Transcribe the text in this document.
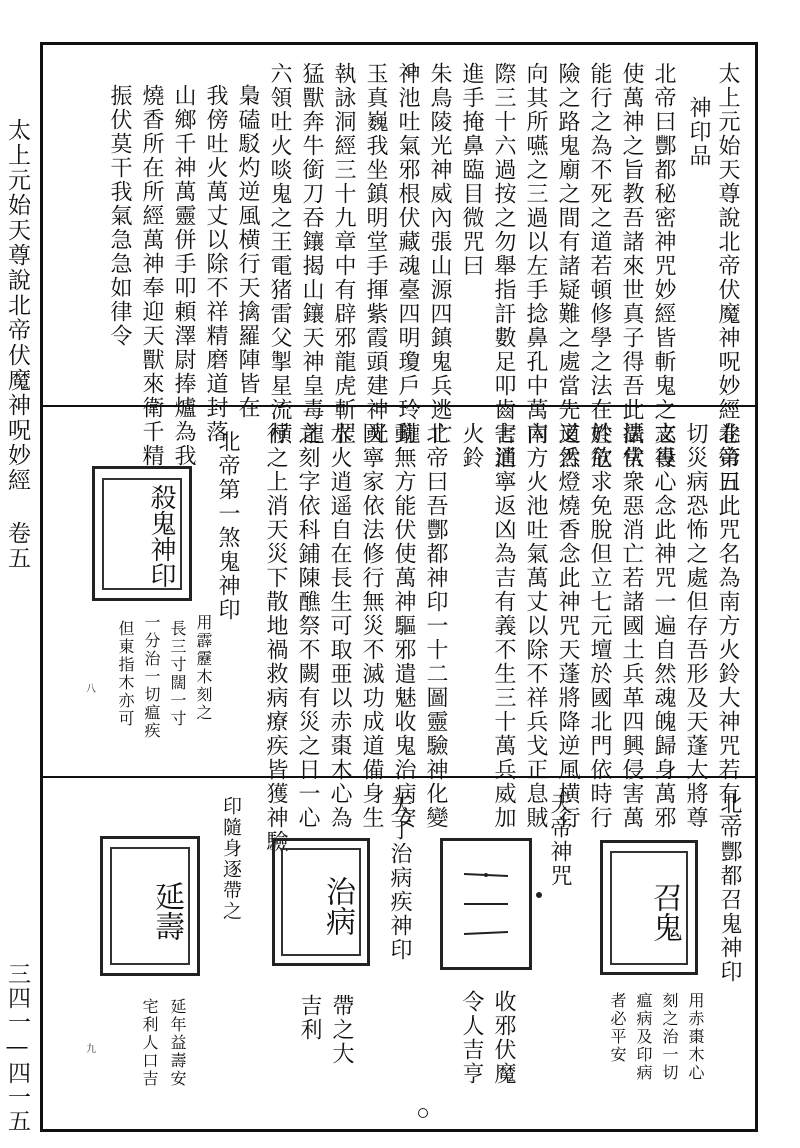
太上元始天尊說北帝伏魔神呪妙經 卷五
三四一—四一五
太上元始天尊說北帝伏魔神呪妙經卷第五
神印品
北帝曰酆都秘密神咒妙經皆斬鬼之文役
使萬神之旨教吾諸來世真子得吾此法常
能行之為不死之道若頓修學之法在於危
險之路鬼廟之間有諸疑難之處當先叉舌
向其所嚥之三過以左手捻鼻孔中萬內
際三十六過按之勿舉指訐數足叩齒七通
進手掩鼻臨目微咒曰
朱鳥陵光神威內張山源四鎮鬼兵逃亡
神池吐氣邪根伏藏魂臺四明瓊戶玲瓏
玉真巍我坐鎮明堂手揮紫霞頭建神光
執詠洞經三十九章中有辟邪龍虎斬罡
猛獸奔牛銜刀吞鑲揭山鑲天神皇毒龍
六領吐火啖鬼之王電猪雷父掣星流横
梟磕駁灼逆風横行天擒羅陣皆在
我傍吐火萬丈以除不祥精磨道封落
山鄉千神萬靈併手叩頼澤尉捧爐為我
燒香所在所經萬神奉迎天獸來衛千精
振伏莫干我氣急急如律令
北帝曰此咒名為南方火鈴大神咒若有一
切災病恐怖之處但存吾形及天蓬大將尊
志專心念此神咒一遍自然魂魄歸身萬邪
攝伏衆惡消亡若諸國土兵革四興侵害萬
姓欲求免脫但立七元壇於國北門依時行
道然燈燒香念此神咒天蓬將降逆風横行
南方火池吐氣萬丈以除不祥兵戈正息賊
害消寧返凶為吉有義不生三十萬兵威加
火鈴
北帝曰吾酆都神印一十二圖靈驗神化變
動無方能伏使萬神驅邪遣魅收鬼治病安
國寧家依法修行無災不滅功成道備身生
水火逍遥自在長生可取亜以赤棗木心為
之刻字依科鋪陳醮祭不闕有災之日一心
行之上消天災下散地禍救病療疾皆獲神驗
北帝第一煞鬼神印
殺鬼神印
用霹靂木刻之
長三寸闊一寸
一分治一切瘟疾
但東指木亦可
八
北帝酆都召鬼神印
召鬼
用赤棗木心
刻之治一切
瘟病及印病
者必平安
天帝神咒
收邪伏魔
令人吉亨
天丁治病疾神印
治病
帶之大
吉利
印隨身逐帶之
延壽
延年益壽安
宅利人口吉
九
